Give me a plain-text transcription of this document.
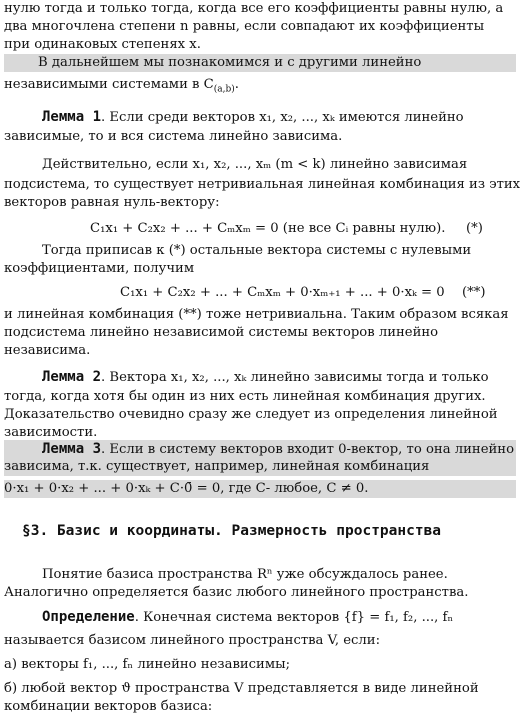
нулю тогда и только тогда, когда все его коэффициенты равны нулю, а
два многочлена степени n равны, если совпадают их коэффициенты
при одинаковых степенях x.
В дальнейшем мы познакомимся и с другими линейно
независимыми системами в $C_{(a,b)}$.
Лемма 1. Если среди векторов x₁, x₂, ..., xₖ имеются линейно
зависимые, то и вся система линейно зависима.
Действительно, если x₁, x₂, ..., xₘ (m < k) линейно зависимая
подсистема, то существует нетривиальная линейная комбинация из этих
векторов равная нуль-вектору:
C₁x₁ + C₂x₂ + ... + Cₘxₘ = 0 (не все Cᵢ равны нулю).	(*)
Тогда приписав к (*) остальные вектора системы с нулевыми
коэффициентами, получим
C₁x₁ + C₂x₂ + ... + Cₘxₘ + 0·xₘ₊₁ + ... + 0·xₖ = 0	(**)
и линейная комбинация (**) тоже нетривиальна. Таким образом всякая
подсистема линейно независимой системы векторов линейно
независима.
Лемма 2. Вектора x₁, x₂, ..., xₖ линейно зависимы тогда и только
тогда, когда хотя бы один из них есть линейная комбинация других.
Доказательство очевидно сразу же следует из определения линейной
зависимости.
Лемма 3. Если в систему векторов входит 0-вектор, то она линейно
зависима, т.к. существует, например, линейная комбинация
0·x₁ + 0·x₂ + ... + 0·xₖ + C·0̄ = 0, где C- любое, C ≠ 0.
§3. Базис и координаты. Размерность пространства
Понятие базиса пространства Rⁿ уже обсуждалось ранее.
Аналогично определяется базис любого линейного пространства.
Определение. Конечная система векторов {f} = f₁, f₂, ..., fₙ
называется базисом линейного пространства V, если:
а) векторы f₁, ..., fₙ линейно независимы;
б) любой вектор ϑ пространства V представляется в виде линейной
комбинации векторов базиса:
